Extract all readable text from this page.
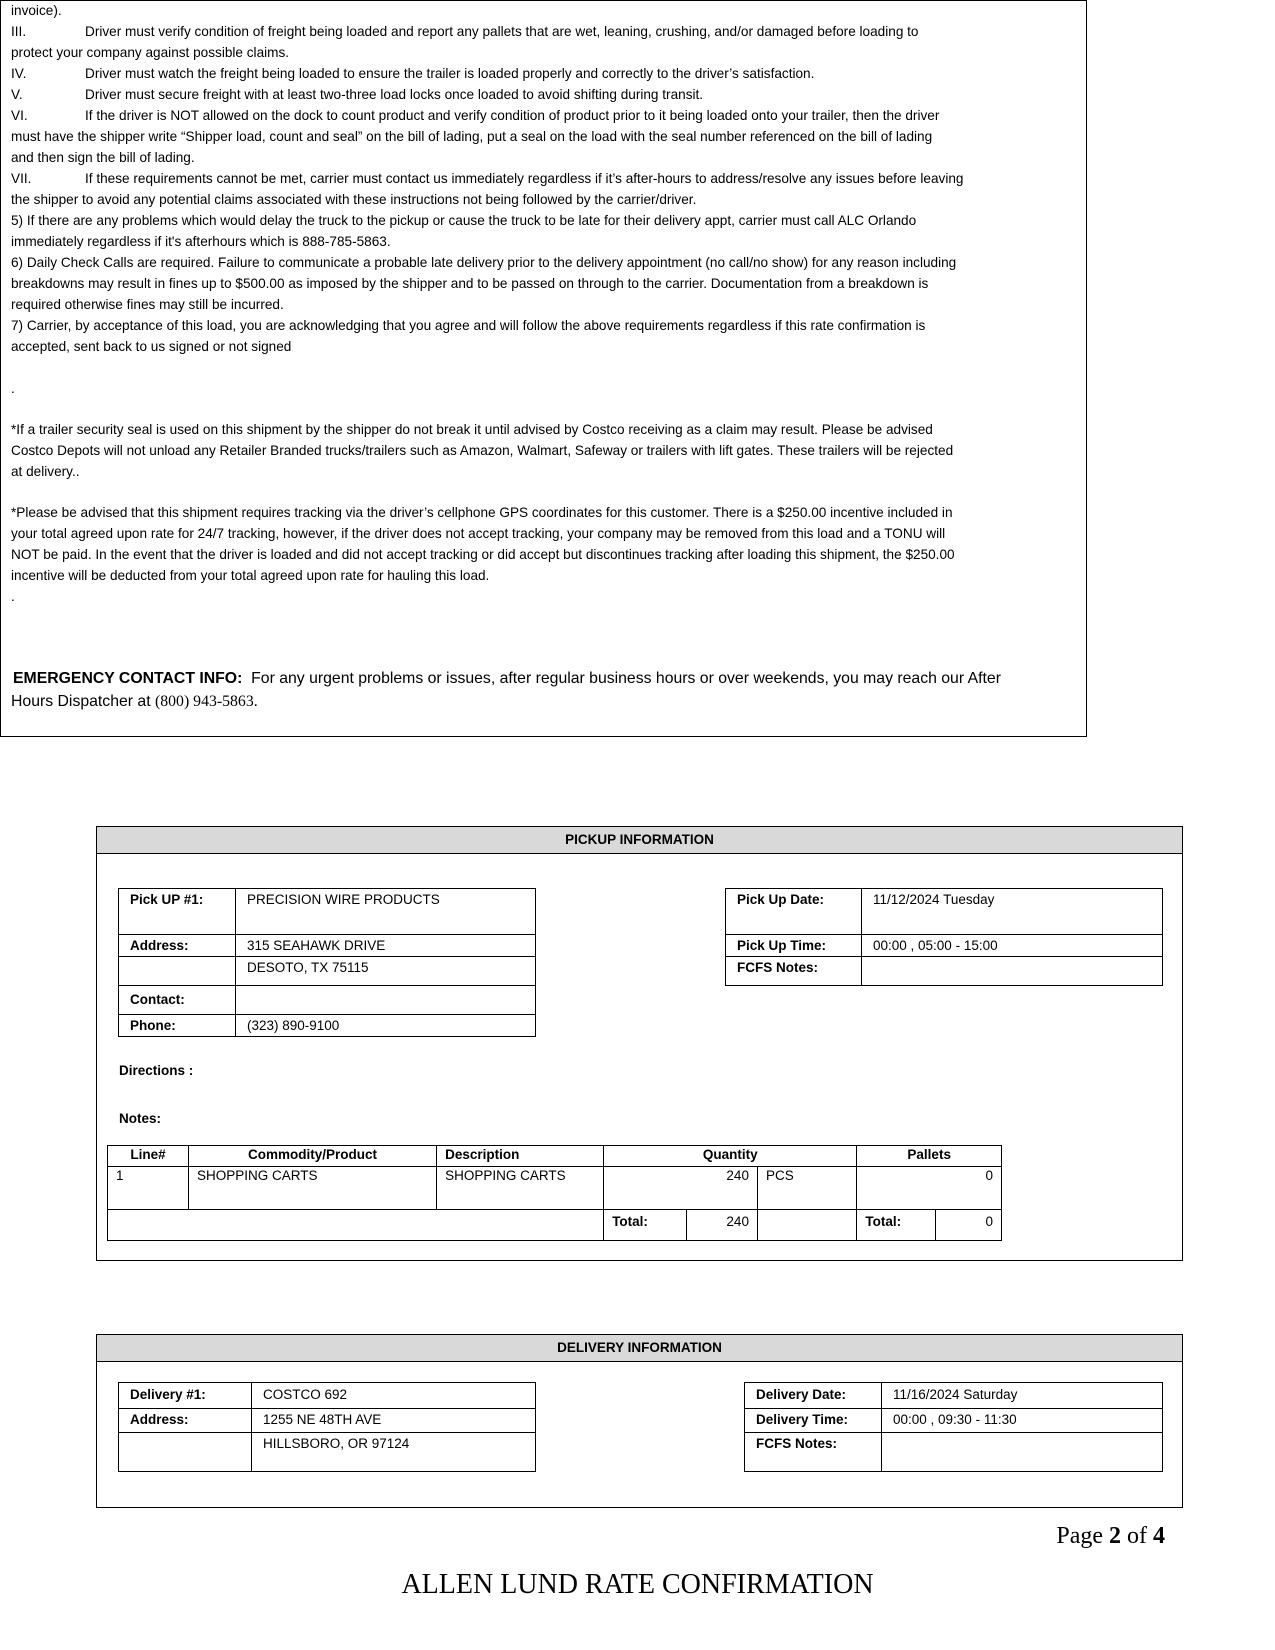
invoice).
III.	Driver must verify condition of freight being loaded and report any pallets that are wet, leaning, crushing, and/or damaged before loading to
protect your company against possible claims.
IV.	Driver must watch the freight being loaded to ensure the trailer is loaded properly and correctly to the driver’s satisfaction.
V.	Driver must secure freight with at least two-three load locks once loaded to avoid shifting during transit.
VI.	If the driver is NOT allowed on the dock to count product and verify condition of product prior to it being loaded onto your trailer, then the driver
must have the shipper write “Shipper load, count and seal” on the bill of lading, put a seal on the load with the seal number referenced on the bill of lading
and then sign the bill of lading.
VII.	If these requirements cannot be met, carrier must contact us immediately regardless if it’s after-hours to address/resolve any issues before leaving
the shipper to avoid any potential claims associated with these instructions not being followed by the carrier/driver.
5) If there are any problems which would delay the truck to the pickup or cause the truck to be late for their delivery appt, carrier must call ALC Orlando
immediately regardless if it's afterhours which is 888-785-5863.
6) Daily Check Calls are required. Failure to communicate a probable late delivery prior to the delivery appointment (no call/no show) for any reason including
breakdowns may result in fines up to $500.00 as imposed by the shipper and to be passed on through to the carrier. Documentation from a breakdown is
required otherwise fines may still be incurred.
7) Carrier, by acceptance of this load, you are acknowledging that you agree and will follow the above requirements regardless if this rate confirmation is
accepted, sent back to us signed or not signed
.
*If a trailer security seal is used on this shipment by the shipper do not break it until advised by Costco receiving as a claim may result. Please be advised
Costco Depots will not unload any Retailer Branded trucks/trailers such as Amazon, Walmart, Safeway or trailers with lift gates. These trailers will be rejected
at delivery..
*Please be advised that this shipment requires tracking via the driver’s cellphone GPS coordinates for this customer. There is a $250.00 incentive included in
your total agreed upon rate for 24/7 tracking, however, if the driver does not accept tracking, your company may be removed from this load and a TONU will
NOT be paid. In the event that the driver is loaded and did not accept tracking or did accept but discontinues tracking after loading this shipment, the $250.00
incentive will be deducted from your total agreed upon rate for hauling this load.
.
EMERGENCY CONTACT INFO: For any urgent problems or issues, after regular business hours or over weekends, you may reach our After
Hours Dispatcher at (800) 943-5863.
PICKUP INFORMATION
Pick UP #1:	PRECISION WIRE PRODUCTS
Address:	315 SEAHAWK DRIVE
	DESOTO, TX 75115
Contact:	
Phone:	(323) 890-9100
Pick Up Date:	11/12/2024 Tuesday
Pick Up Time:	00:00 , 05:00 - 15:00
FCFS Notes:	
Directions :
Notes:
Line#	Commodity/Product	Description	Quantity			Pallets	
1	SHOPPING CARTS	SHOPPING CARTS	240		PCS	0	
			Total:	240		Total:	0
DELIVERY INFORMATION
Delivery #1:	COSTCO 692
Address:	1255 NE 48TH AVE
	HILLSBORO, OR 97124
Delivery Date:	11/16/2024 Saturday
Delivery Time:	00:00 , 09:30 - 11:30
FCFS Notes:	
Page 2 of 4
ALLEN LUND RATE CONFIRMATION
